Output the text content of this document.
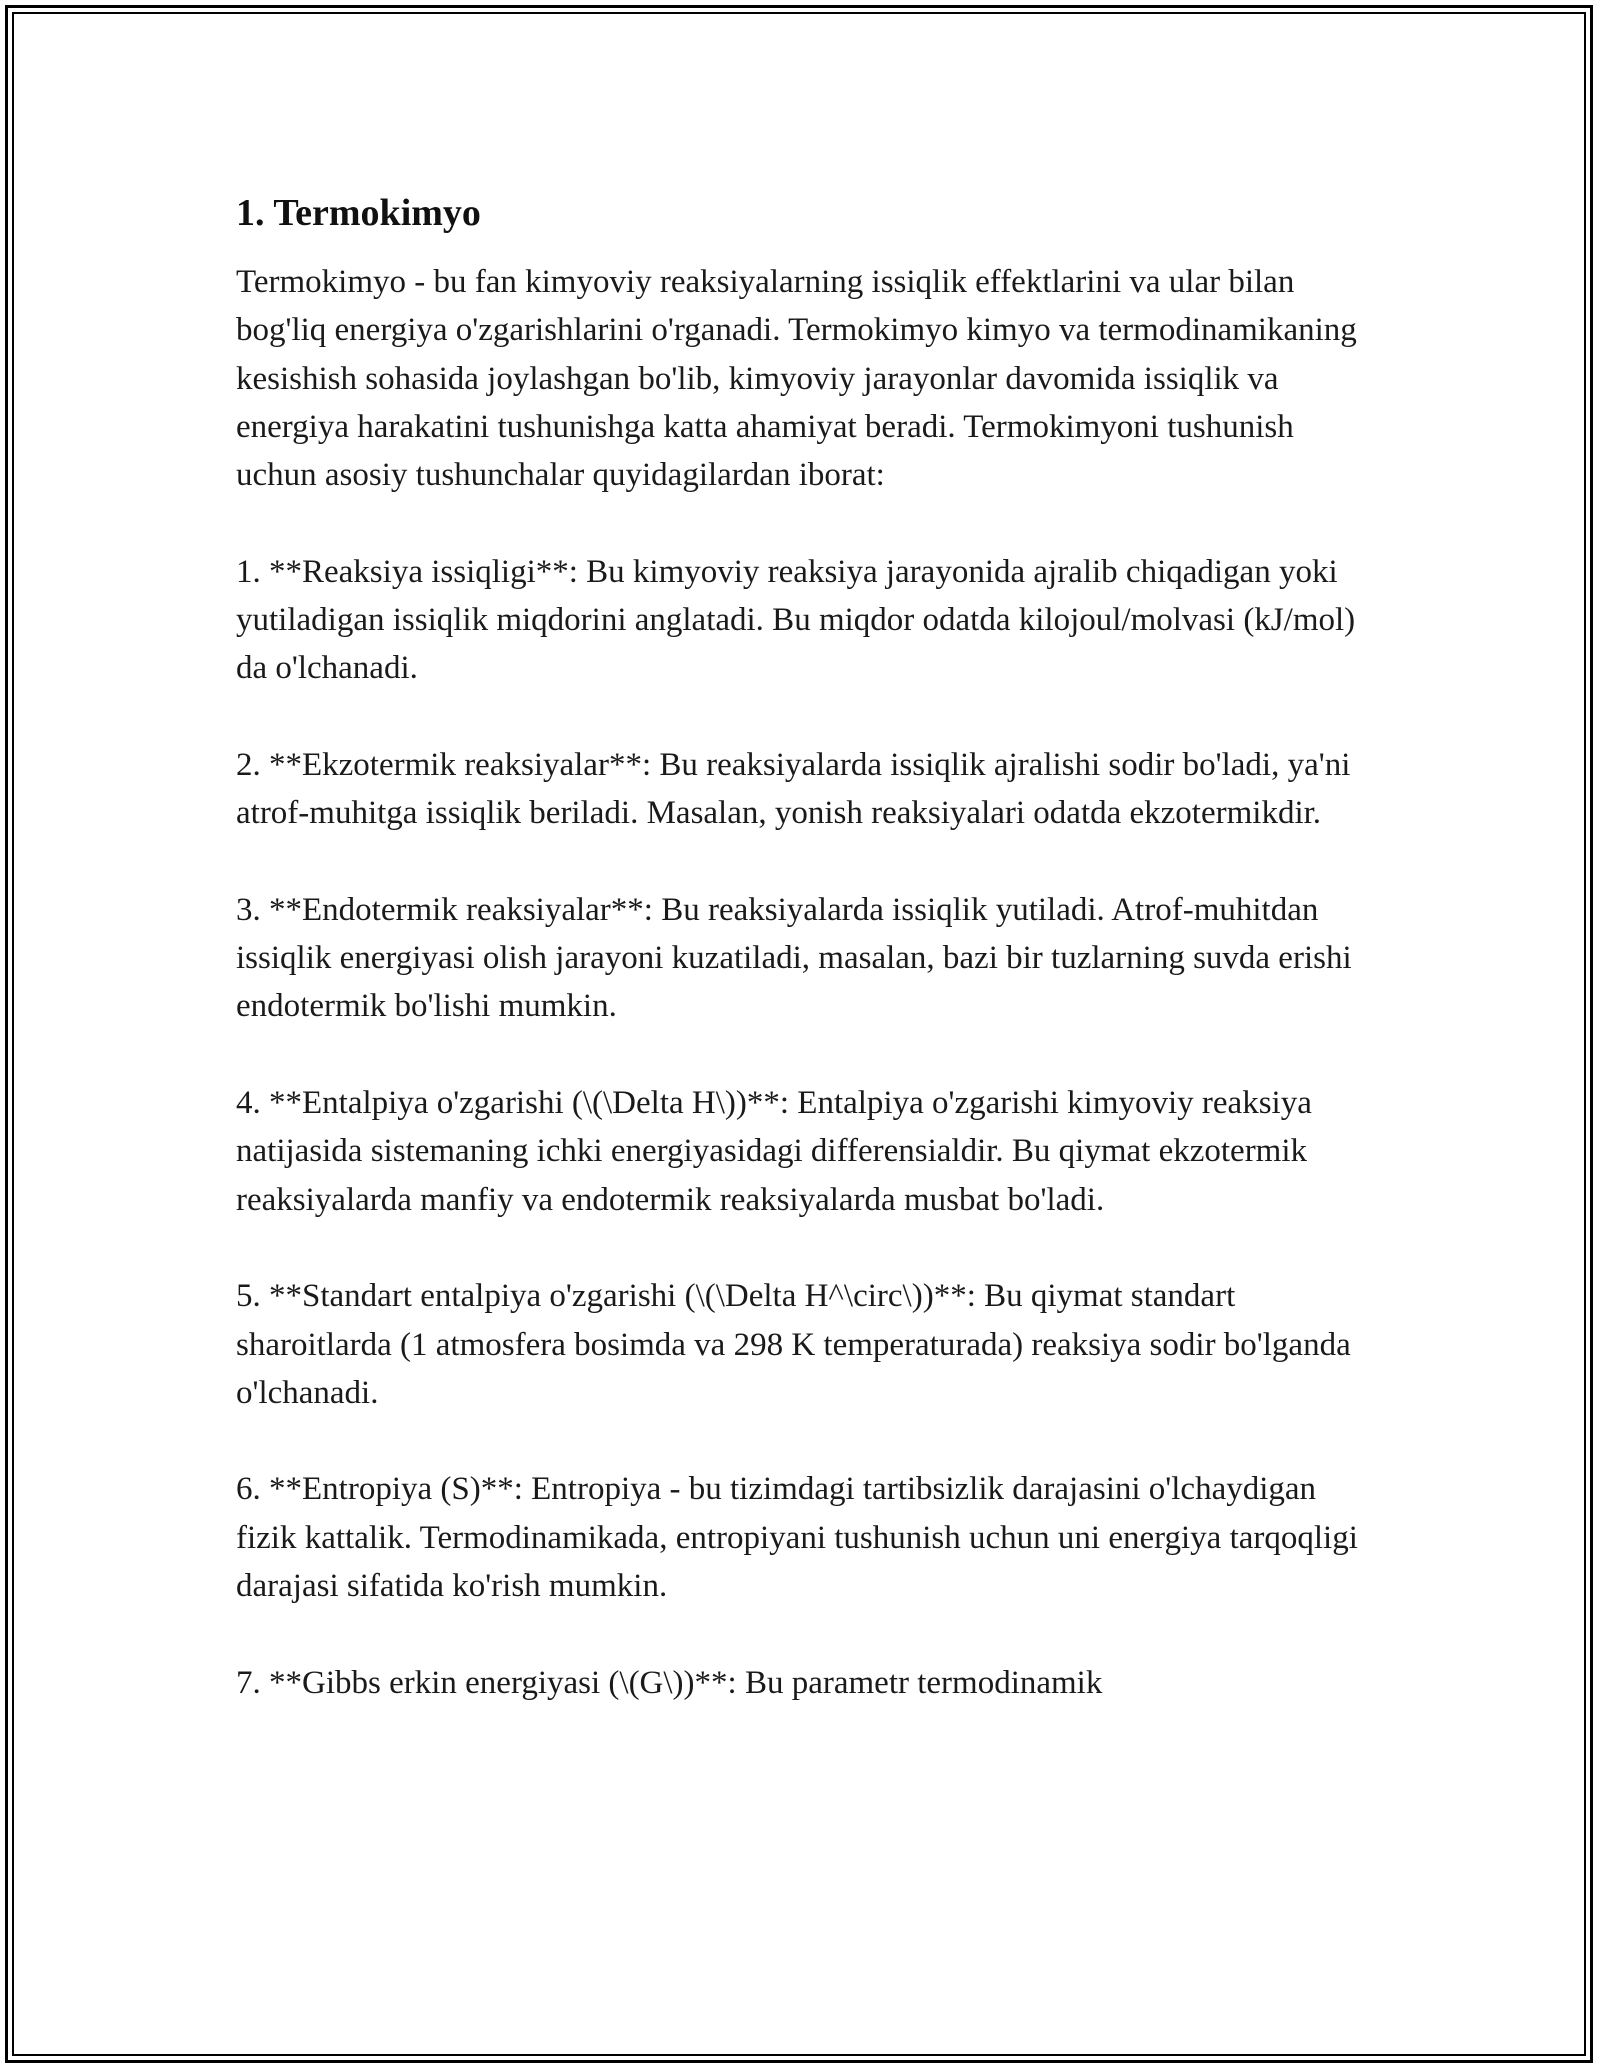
1. Termokimyo

Termokimyo - bu fan kimyoviy reaksiyalarning issiqlik effektlarini va ular bilan bog'liq energiya o'zgarishlarini o'rganadi. Termokimyo kimyo va termodinamikaning kesishish sohasida joylashgan bo'lib, kimyoviy jarayonlar davomida issiqlik va energiya harakatini tushunishga katta ahamiyat beradi. Termokimyoni tushunish uchun asosiy tushunchalar quyidagilardan iborat:

1. **Reaksiya issiqligi**: Bu kimyoviy reaksiya jarayonida ajralib chiqadigan yoki yutiladigan issiqlik miqdorini anglatadi. Bu miqdor odatda kilojoul/molvasi (kJ/mol) da o'lchanadi.

2. **Ekzotermik reaksiyalar**: Bu reaksiyalarda issiqlik ajralishi sodir bo'ladi, ya'ni atrof-muhitga issiqlik beriladi. Masalan, yonish reaksiyalari odatda ekzotermikdir.

3. **Endotermik reaksiyalar**: Bu reaksiyalarda issiqlik yutiladi. Atrof-muhitdan issiqlik energiyasi olish jarayoni kuzatiladi, masalan, bazi bir tuzlarning suvda erishi endotermik bo'lishi mumkin.

4. **Entalpiya o'zgarishi (\(\Delta H\))**: Entalpiya o'zgarishi kimyoviy reaksiya natijasida sistemaning ichki energiyasidagi differensialdir. Bu qiymat ekzotermik reaksiyalarda manfiy va endotermik reaksiyalarda musbat bo'ladi.

5. **Standart entalpiya o'zgarishi (\(\Delta H^\circ\))**: Bu qiymat standart sharoitlarda (1 atmosfera bosimda va 298 K temperaturada) reaksiya sodir bo'lganda o'lchanadi.

6. **Entropiya (S)**: Entropiya - bu tizimdagi tartibsizlik darajasini o'lchaydigan fizik kattalik. Termodinamikada, entropiyani tushunish uchun uni energiya tarqoqligi darajasi sifatida ko'rish mumkin.

7. **Gibbs erkin energiyasi (\(G\))**: Bu parametr termodinamik
